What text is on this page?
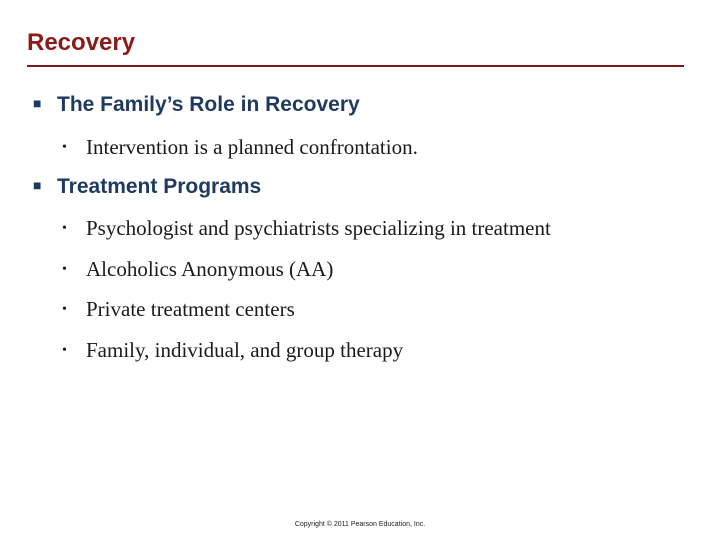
Recovery
■ The Family’s Role in Recovery
• Intervention is a planned confrontation.
■ Treatment Programs
• Psychologist and psychiatrists specializing in treatment
• Alcoholics Anonymous (AA)
• Private treatment centers
• Family, individual, and group therapy
Copyright © 2011 Pearson Education, Inc.
